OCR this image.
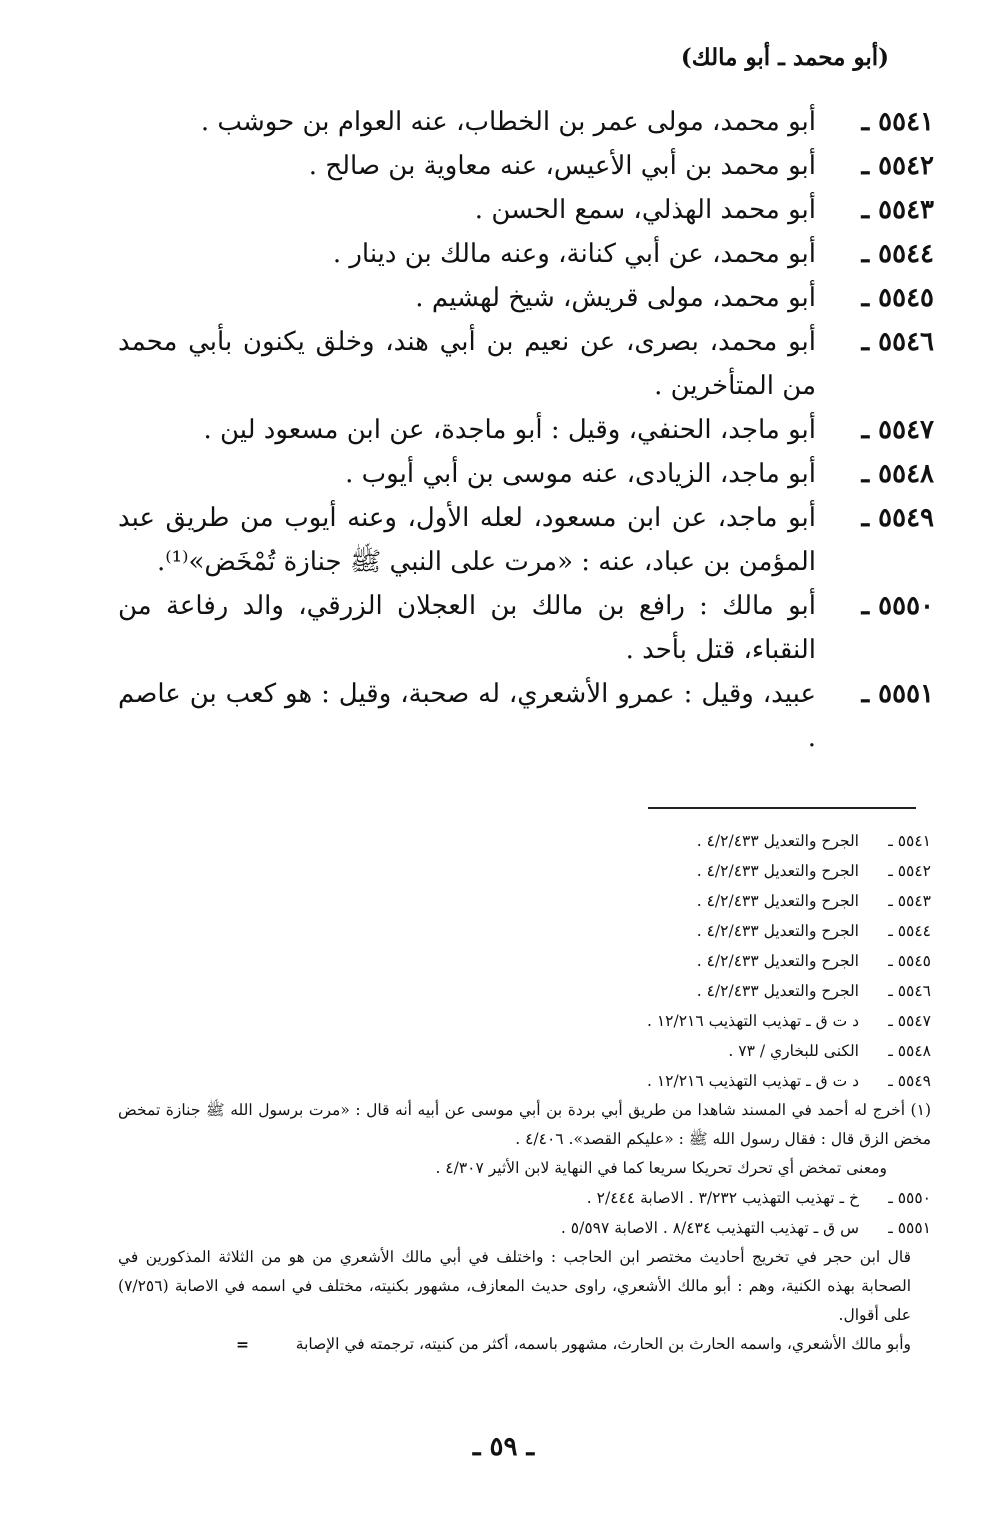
(أبو محمد ـ أبو مالك)
٥٥٤١ ـ
أبو محمد، مولى عمر بن الخطاب، عنه العوام بن حوشب .
٥٥٤٢ ـ
أبو محمد بن أبي الأعيس، عنه معاوية بن صالح .
٥٥٤٣ ـ
أبو محمد الهذلي، سمع الحسن .
٥٥٤٤ ـ
أبو محمد، عن أبي كنانة، وعنه مالك بن دينار .
٥٥٤٥ ـ
أبو محمد، مولى قريش، شيخ لهشيم .
٥٥٤٦ ـ
أبو محمد، بصرى، عن نعيم بن أبي هند، وخلق يكنون بأبي محمد من المتأخرين .
٥٥٤٧ ـ
أبو ماجد، الحنفي، وقيل : أبو ماجدة، عن ابن مسعود لين .
٥٥٤٨ ـ
أبو ماجد، الزيادى، عنه موسى بن أبي أيوب .
٥٥٤٩ ـ
أبو ماجد، عن ابن مسعود، لعله الأول، وعنه أيوب من طريق عبد المؤمن بن عباد، عنه : «مرت على النبي ﷺ جنازة تُمْخَض»⁽¹⁾.
٥٥٥٠ ـ
أبو مالك : رافع بن مالك بن العجلان الزرقي، والد رفاعة من النقباء، قتل بأحد .
٥٥٥١ ـ
عبيد، وقيل : عمرو الأشعري، له صحبة، وقيل : هو كعب بن عاصم .
٥٥٤١ ـ
الجرح والتعديل ٤/٢/٤٣٣ .
٥٥٤٢ ـ
الجرح والتعديل ٤/٢/٤٣٣ .
٥٥٤٣ ـ
الجرح والتعديل ٤/٢/٤٣٣ .
٥٥٤٤ ـ
الجرح والتعديل ٤/٢/٤٣٣ .
٥٥٤٥ ـ
الجرح والتعديل ٤/٢/٤٣٣ .
٥٥٤٦ ـ
الجرح والتعديل ٤/٢/٤٣٣ .
٥٥٤٧ ـ
د ت ق ـ تهذيب التهذيب ١٢/٢١٦ .
٥٥٤٨ ـ
الكنى للبخاري / ٧٣ .
٥٥٤٩ ـ
د ت ق ـ تهذيب التهذيب ١٢/٢١٦ .
(١) أخرج له أحمد في المسند شاهدا من طريق أبي بردة بن أبي موسى عن أبيه أنه قال : «مرت برسول الله ﷺ جنازة تمخض مخض الزق قال : فقال رسول الله ﷺ : «عليكم القصد». ٤/٤٠٦ .
ومعنى تمخض أي تحرك تحريكا سريعا كما في النهاية لابن الأثير ٤/٣٠٧ .
٥٥٥٠ ـ
خ ـ تهذيب التهذيب ٣/٢٣٢ . الاصابة ٢/٤٤٤ .
٥٥٥١ ـ
س ق ـ تهذيب التهذيب ٨/٤٣٤ . الاصابة ٥/٥٩٧ .
قال ابن حجر في تخريج أحاديث مختصر ابن الحاجب : واختلف في أبي مالك الأشعري من هو من الثلاثة المذكورين في الصحابة بهذه الكنية، وهم : أبو مالك الأشعري، راوى حديث المعازف، مشهور بكنيته، مختلف في اسمه في الاصابة (٧/٢٥٦) على أقوال.
وأبو مالك الأشعري، واسمه الحارث بن الحارث، مشهور باسمه، أكثر من كنيته، ترجمته في الإصابة
=
ـ ٥٩ ـ
